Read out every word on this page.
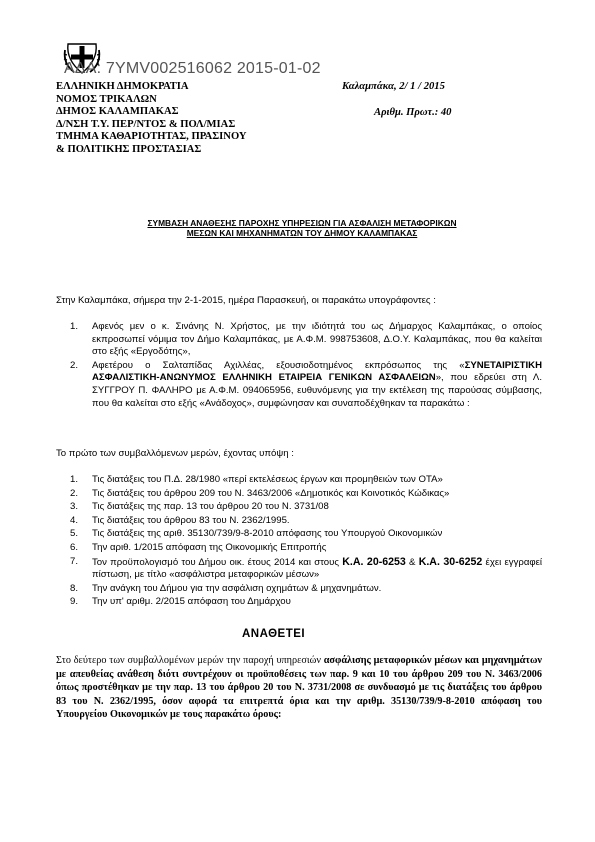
ΑΔΑ: 7ΥΜV002516062 2015-01-02
ΕΛΛΗΝΙΚΗ ΔΗΜΟΚΡΑΤΙΑ
ΝΟΜΟΣ ΤΡΙΚΑΛΩΝ
ΔΗΜΟΣ ΚΑΛΑΜΠΑΚΑΣ
Δ/ΝΣΗ Τ.Υ. ΠΕΡ/ΝΤΟΣ & ΠΟΛ/ΜΙΑΣ
ΤΜΗΜΑ ΚΑΘΑΡΙΟΤΗΤΑΣ, ΠΡΑΣΙΝΟΥ
& ΠΟΛΙΤΙΚΗΣ ΠΡΟΣΤΑΣΙΑΣ
Καλαμπάκα, 2/ 1 / 2015
Αριθμ. Πρωτ.: 40
ΣΥΜΒΑΣΗ ΑΝΑΘΕΣΗΣ ΠΑΡΟΧΗΣ ΥΠΗΡΕΣΙΩΝ ΓΙΑ ΑΣΦΑΛΙΣΗ ΜΕΤΑΦΟΡΙΚΩΝ ΜΕΣΩΝ ΚΑΙ ΜΗΧΑΝΗΜΑΤΩΝ ΤΟΥ ΔΗΜΟΥ ΚΑΛΑΜΠΑΚΑΣ
Στην Καλαμπάκα, σήμερα την 2-1-2015, ημέρα Παρασκευή, οι παρακάτω υπογράφοντες :
1. Αφενός μεν ο κ. Σινάνης Ν. Χρήστος, με την ιδιότητά του ως Δήμαρχος Καλαμπάκας, ο οποίος εκπροσωπεί νόμιμα τον Δήμο Καλαμπάκας, με Α.Φ.Μ. 998753608, Δ.Ο.Υ. Καλαμπάκας, που θα καλείται στο εξής «Εργοδότης»,
2. Αφετέρου ο Σαλταπίδας Αχιλλέας, εξουσιοδοτημένος εκπρόσωπος της «ΣΥΝΕΤΑΙΡΙΣΤΙΚΗ ΑΣΦΑΛΙΣΤΙΚΗ-ΑΝΩΝΥΜΟΣ ΕΛΛΗΝΙΚΗ ΕΤΑΙΡΕΙΑ ΓΕΝΙΚΩΝ ΑΣΦΑΛΕΙΩΝ», που εδρεύει στη Λ. ΣΥΓΓΡΟΥ Π. ΦΑΛΗΡΟ με Α.Φ.Μ. 094065956, ευθυνόμενης για την εκτέλεση της παρούσας σύμβασης, που θα καλείται στο εξής «Ανάδοχος», συμφώνησαν και συναποδέχθηκαν τα παρακάτω :
Το πρώτο των συμβαλλόμενων μερών, έχοντας υπόψη :
1. Τις διατάξεις του Π.Δ. 28/1980 «περί εκτελέσεως έργων και προμηθειών των ΟΤΑ»
2. Τις διατάξεις του άρθρου 209 του Ν. 3463/2006 «Δημοτικός και Κοινοτικός Κώδικας»
3. Τις διατάξεις της παρ. 13 του άρθρου 20 του Ν. 3731/08
4. Τις διατάξεις του άρθρου 83 του Ν. 2362/1995.
5. Τις διατάξεις της αριθ. 35130/739/9-8-2010 απόφασης του Υπουργού Οικονομικών
6. Την αριθ. 1/2015 απόφαση της Οικονομικής Επιτροπής
7. Τον προϋπολογισμό του Δήμου οικ. έτους 2014 και στους Κ.Α. 20-6253 & Κ.Α. 30-6252 έχει εγγραφεί πίστωση, με τίτλο «ασφάλιστρα μεταφορικών μέσων»
8. Την ανάγκη του Δήμου για την ασφάλιση οχημάτων & μηχανημάτων.
9. Την υπ' αριθμ. 2/2015 απόφαση του Δημάρχου
ΑΝΑΘΕΤΕΙ
Στο δεύτερο των συμβαλλομένων μερών την παροχή υπηρεσιών ασφάλισης μεταφορικών μέσων και μηχανημάτων με απευθείας ανάθεση διότι συντρέχουν οι προϋποθέσεις των παρ. 9 και 10 του άρθρου 209 του Ν. 3463/2006 όπως προστέθηκαν με την παρ. 13 του άρθρου 20 του Ν. 3731/2008 σε συνδυασμό με τις διατάξεις του άρθρου 83 του Ν. 2362/1995, όσον αφορά τα επιτρεπτά όρια και την αριθμ. 35130/739/9-8-2010 απόφαση του Υπουργείου Οικονομικών με τους παρακάτω όρους:
